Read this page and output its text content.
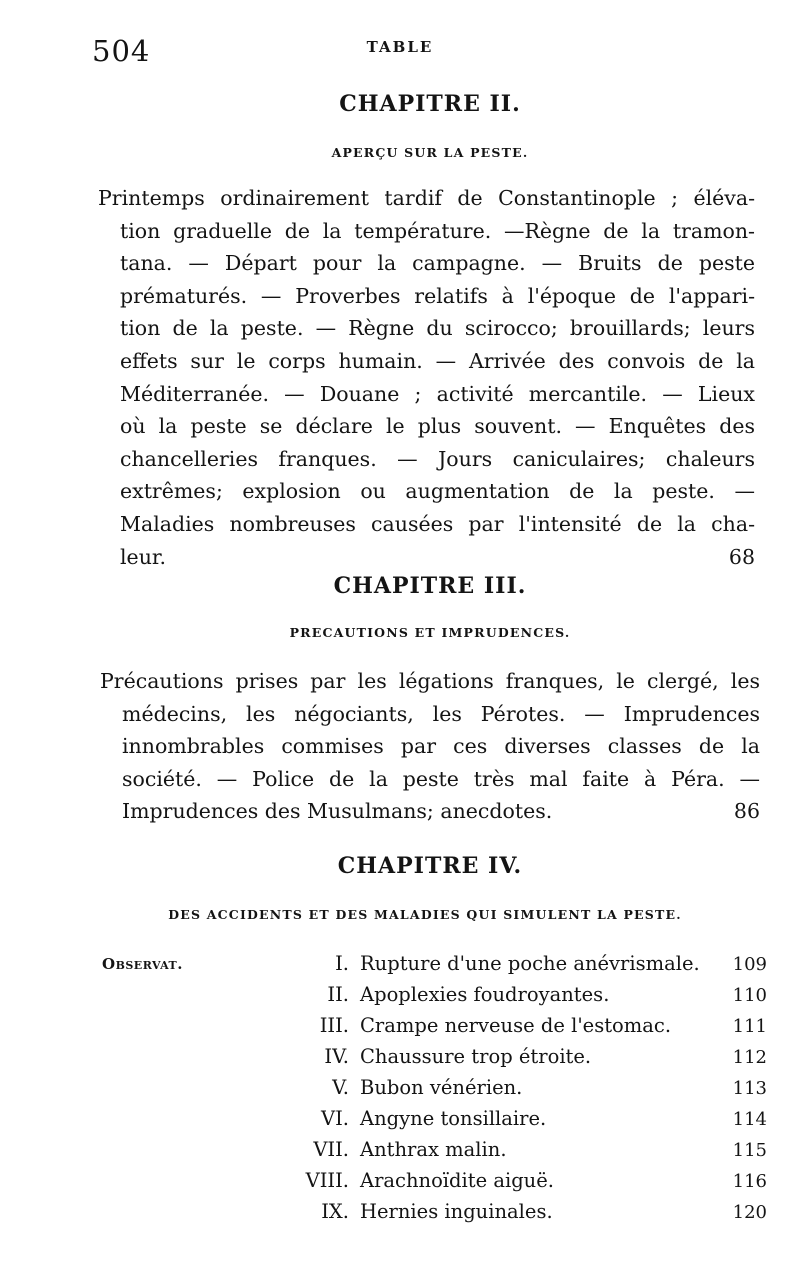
504	TABLE
CHAPITRE II.
APERÇU SUR LA PESTE.
Printemps ordinairement tardif de Constantinople ; éléva-
tion graduelle de la température. —Règne de la tramon-
tana. — Départ pour la campagne. — Bruits de peste
prématurés. — Proverbes relatifs à l'époque de l'appari-
tion de la peste. — Règne du scirocco; brouillards; leurs
effets sur le corps humain. — Arrivée des convois de la
Méditerranée. — Douane ; activité mercantile. — Lieux
où la peste se déclare le plus souvent. — Enquêtes des
chancelleries franques. — Jours caniculaires; chaleurs
extrêmes; explosion ou augmentation de la peste. —
Maladies nombreuses causées par l'intensité de la cha-
leur.	68
CHAPITRE III.
PRECAUTIONS ET IMPRUDENCES.
Précautions prises par les légations franques, le clergé, les
médecins, les négociants, les Pérotes. — Imprudences
innombrables commises par ces diverses classes de la
société. — Police de la peste très mal faite à Péra. —
Imprudences des Musulmans; anecdotes.	86
CHAPITRE IV.
DES ACCIDENTS ET DES MALADIES QUI SIMULENT LA PESTE.
Observat.	I. Rupture d'une poche anévrismale. 109
II. Apoplexies foudroyantes.	110
III. Crampe nerveuse de l'estomac.	111
IV. Chaussure trop étroite.	112
V. Bubon vénérien.	113
VI. Angyne tonsillaire.	114
VII. Anthrax malin.	115
VIII. Arachnoïdite aiguë.	116
IX. Hernies inguinales.	120
